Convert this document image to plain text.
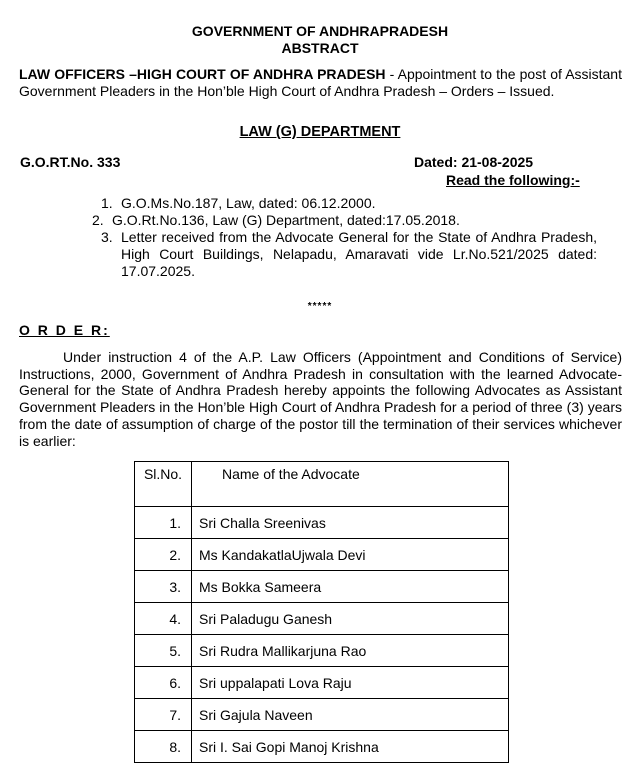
GOVERNMENT OF ANDHRAPRADESH
ABSTRACT
LAW OFFICERS –HIGH COURT OF ANDHRA PRADESH - Appointment to the post of Assistant Government Pleaders in the Hon’ble High Court of Andhra Pradesh – Orders – Issued.
LAW (G) DEPARTMENT
G.O.RT.No. 333	Dated: 21-08-2025
Read the following:-
1. G.O.Ms.No.187, Law, dated: 06.12.2000.
2. G.O.Rt.No.136, Law (G) Department, dated:17.05.2018.
3. Letter received from the Advocate General for the State of Andhra Pradesh, High Court Buildings, Nelapadu, Amaravati vide Lr.No.521/2025 dated: 17.07.2025.
*****
O R D E R:
Under instruction 4 of the A.P. Law Officers (Appointment and Conditions of Service) Instructions, 2000, Government of Andhra Pradesh in consultation with the learned Advocate-General for the State of Andhra Pradesh hereby appoints the following Advocates as Assistant Government Pleaders in the Hon’ble High Court of Andhra Pradesh for a period of three (3) years from the date of assumption of charge of the postor till the termination of their services whichever is earlier:
Sl.No.	Name of the Advocate
1.	Sri Challa Sreenivas
2.	Ms KandakatlaUjwala Devi
3.	Ms Bokka Sameera
4.	Sri Paladugu Ganesh
5.	Sri Rudra Mallikarjuna Rao
6.	Sri uppalapati Lova Raju
7.	Sri Gajula Naveen
8.	Sri I. Sai Gopi Manoj Krishna
